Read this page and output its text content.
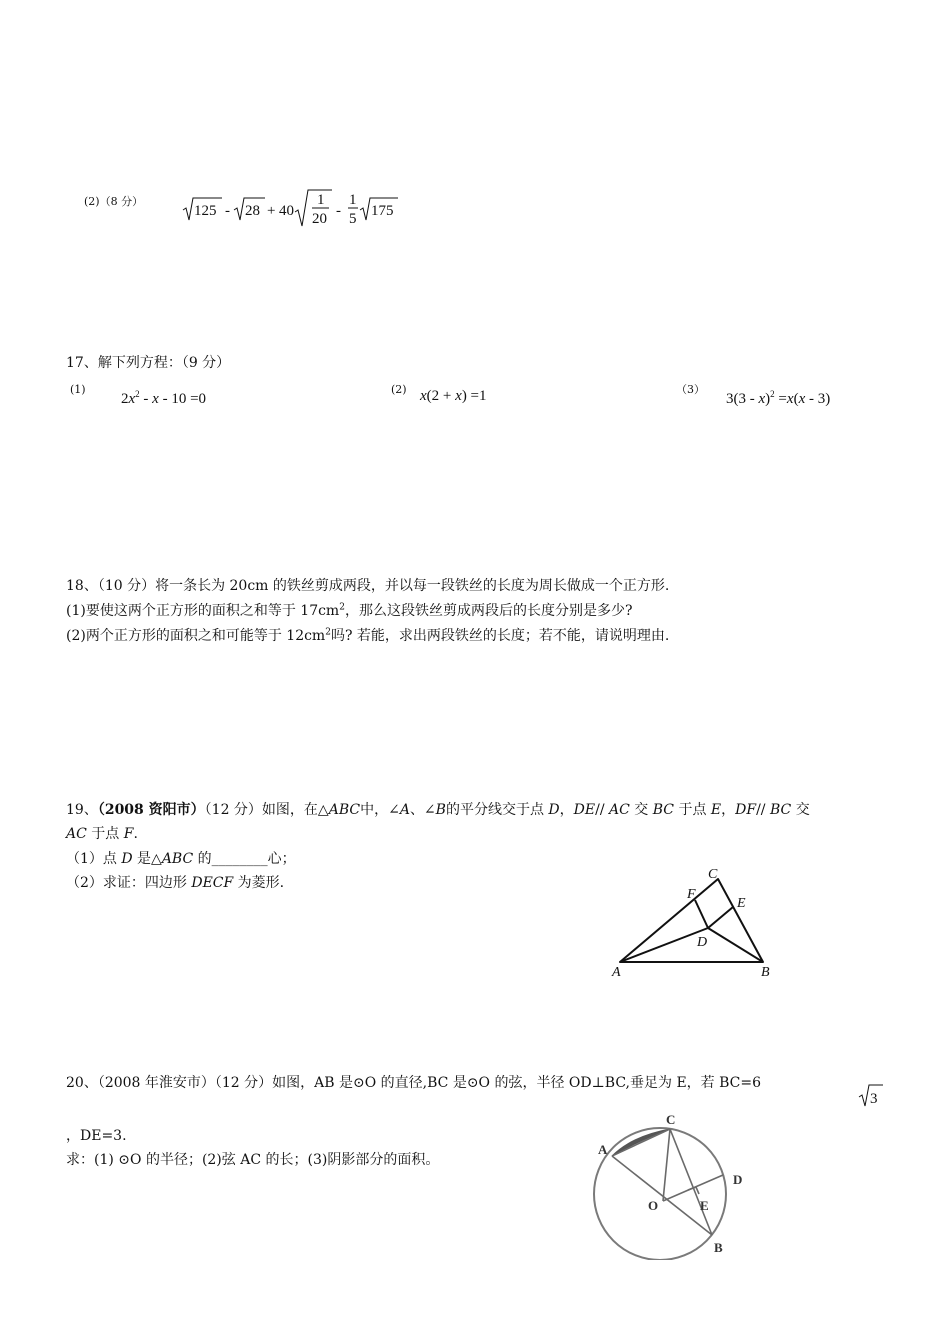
(2)（8 分）
125 - 28 + 40
1
20 -
1
5 175
17、解下列方程：（9 分）
(1)
$2x^2 - x - 10 =0$
(2) x(2 + x) =1	（3）
3(3 - x)$^2$ =x(x - 3)
18、（10 分）将一条长为 20cm 的铁丝剪成两段，并以每一段铁丝的长度为周长做成一个正方形.
(1)要使这两个正方形的面积之和等于 $17cm^2$，那么这段铁丝剪成两段后的长度分别是多少?
(2)两个正方形的面积之和可能等于 $12cm^2$吗? 若能，求出两段铁丝的长度；若不能，请说明理由.
19、（2008 资阳市）（12 分）如图，在△ABC中，∠A、∠B的平分线交于点 D，DE// AC 交 BC 于点 E，DF// BC 交
AC 于点 F.
（1）点 D 是△ABC 的________心；
（2）求证：四边形 DECF 为菱形.
A	B
C
D
E
F
20、（2008 年淮安市）（12 分）如图，AB 是⊙O 的直径,BC 是⊙O 的弦，半径 OD⊥BC,垂足为 E，若 BC=6
3
，DE=3.
求：(1) ⊙O 的半径；(2)弦 AC 的长；(3)阴影部分的面积。
A
C
D
E
O
B
